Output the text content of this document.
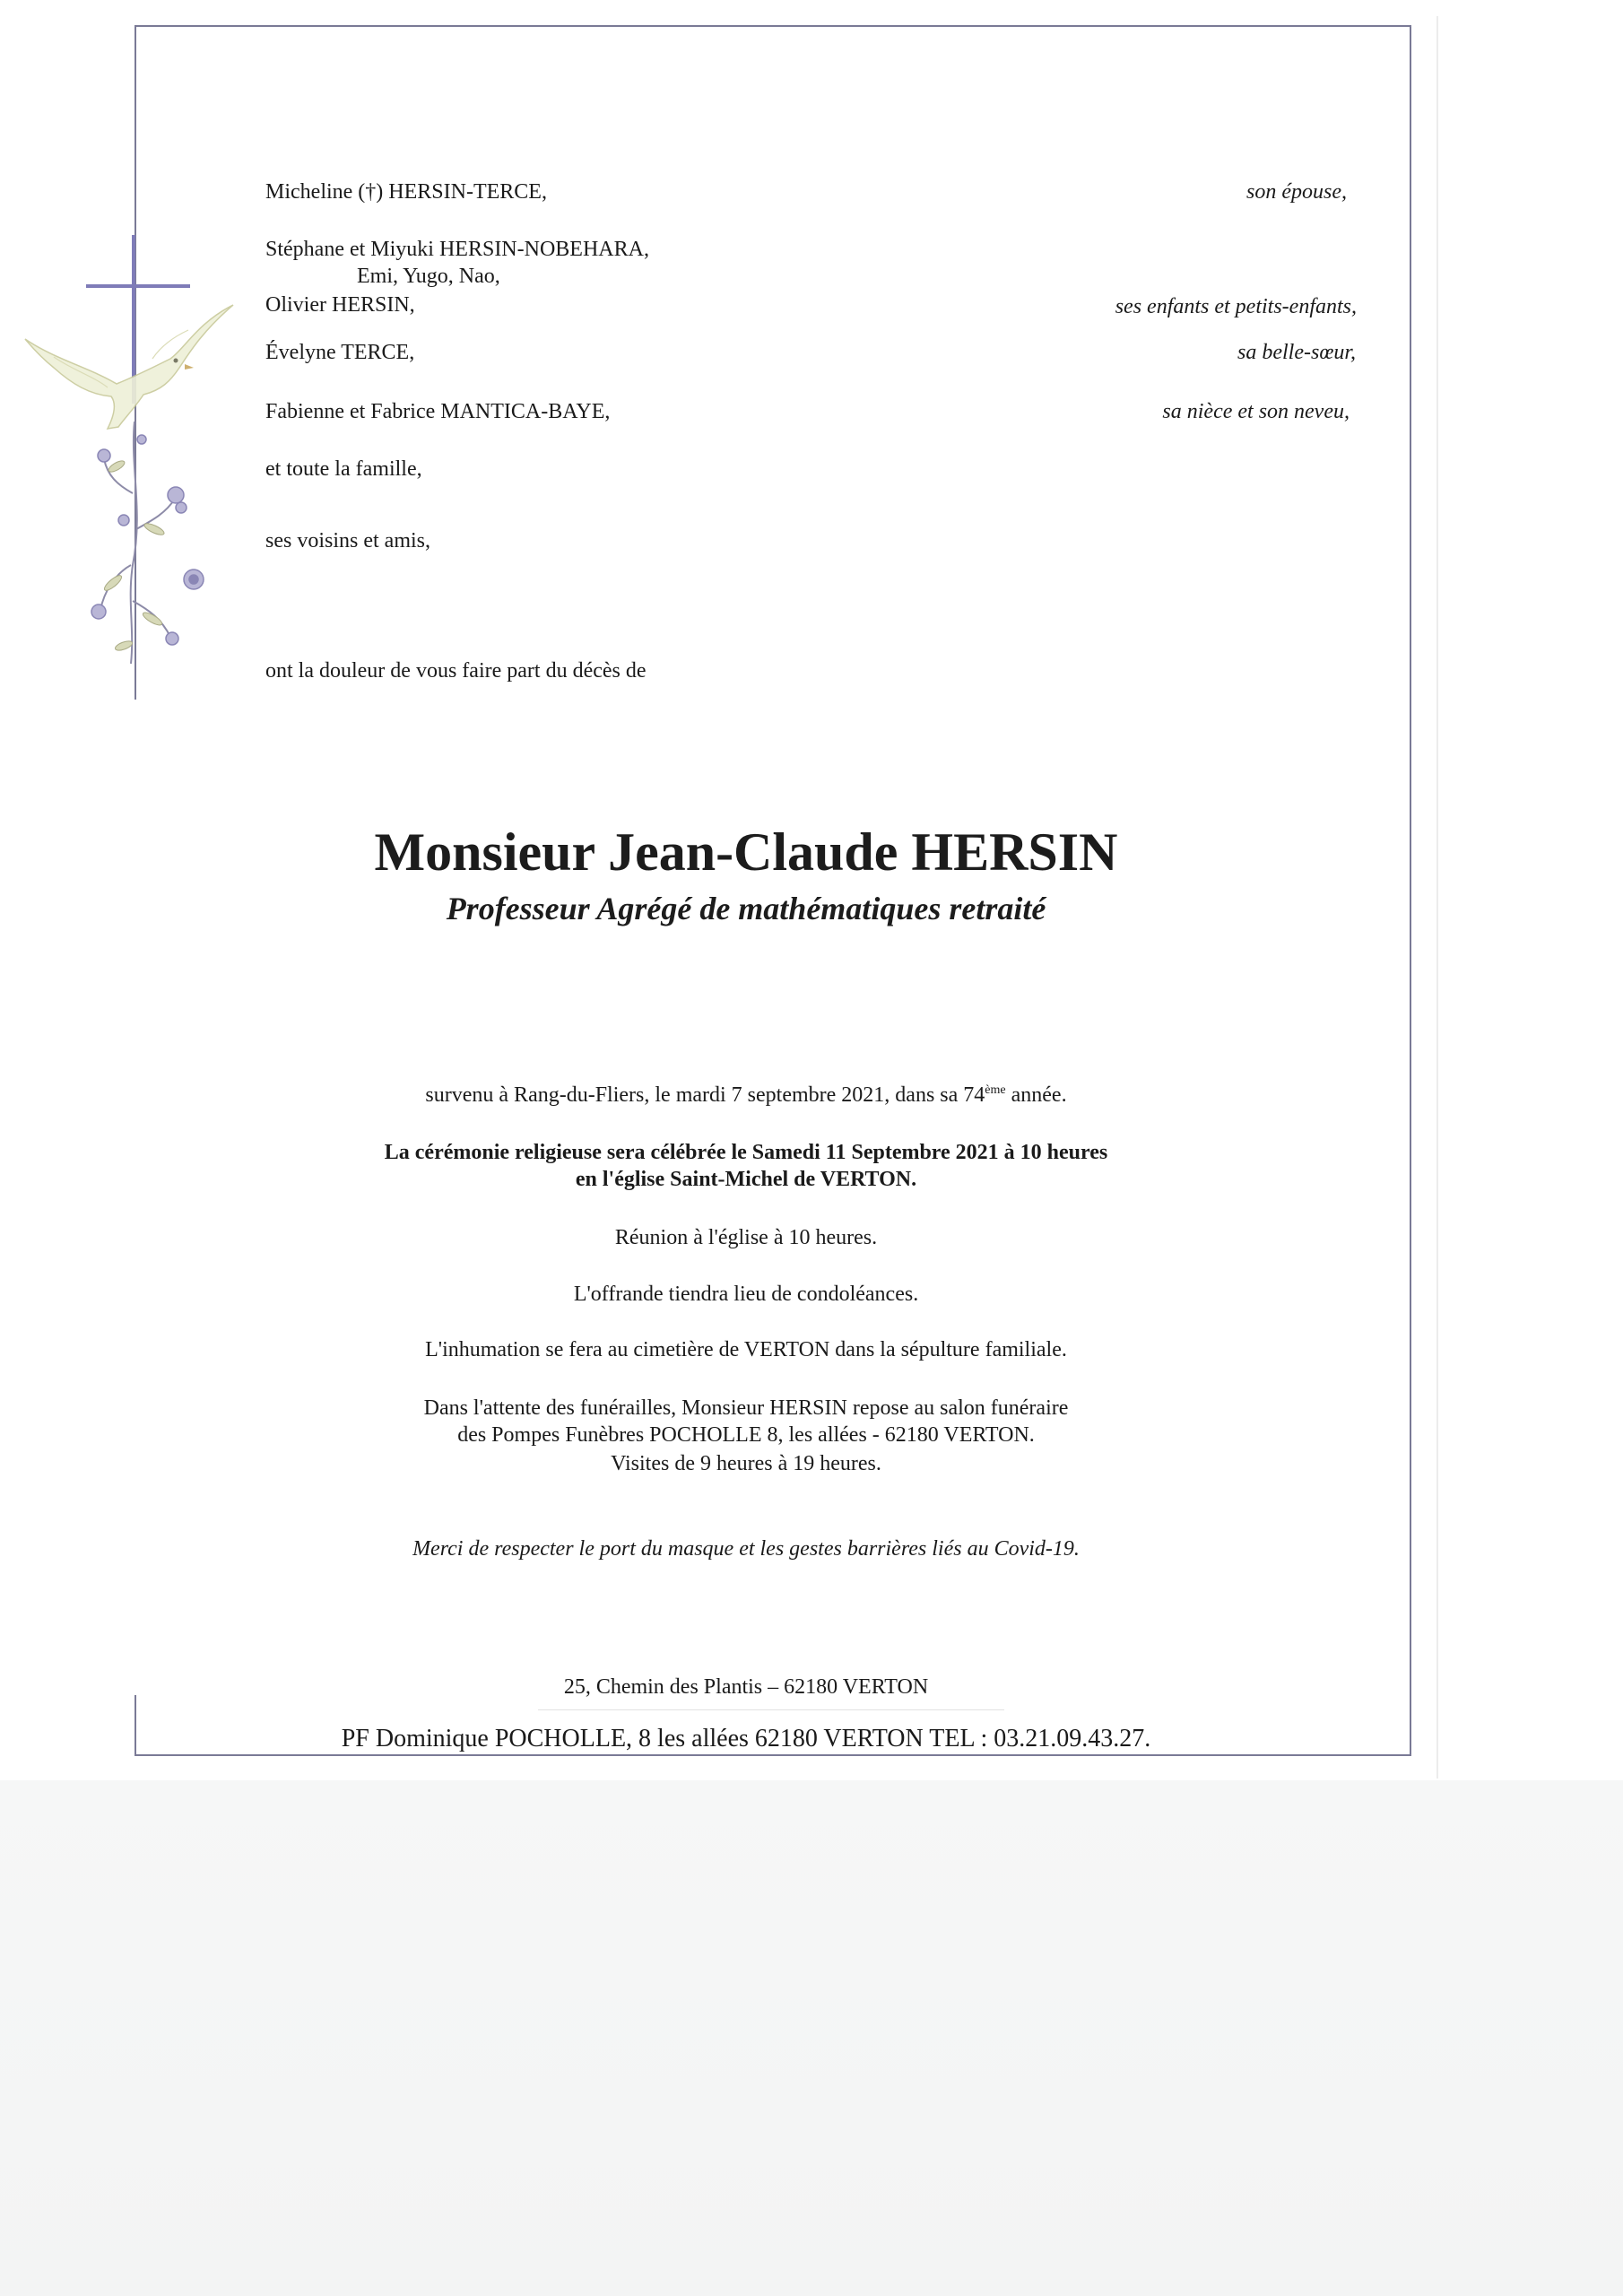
Micheline (†) HERSIN-TERCE,	son épouse,
Stéphane et Miyuki HERSIN-NOBEHARA,
Emi, Yugo, Nao,
Olivier HERSIN,	ses enfants et petits-enfants,
Évelyne TERCE,	sa belle-sœur,
Fabienne et Fabrice MANTICA-BAYE,	sa nièce et son neveu,
et toute la famille,
ses voisins et amis,
ont la douleur de vous faire part du décès de
Monsieur Jean-Claude HERSIN
Professeur Agrégé de mathématiques retraité
survenu à Rang-du-Fliers, le mardi 7 septembre 2021, dans sa 74ème année.
La cérémonie religieuse sera célébrée le Samedi 11 Septembre 2021 à 10 heures
en l'église Saint-Michel de VERTON.
Réunion à l'église à 10 heures.
L'offrande tiendra lieu de condoléances.
L'inhumation se fera au cimetière de VERTON dans la sépulture familiale.
Dans l'attente des funérailles, Monsieur HERSIN repose au salon funéraire
des Pompes Funèbres POCHOLLE 8, les allées - 62180 VERTON.
Visites de 9 heures à 19 heures.
Merci de respecter le port du masque et les gestes barrières liés au Covid-19.
25, Chemin des Plantis – 62180 VERTON
PF Dominique POCHOLLE, 8 les allées 62180 VERTON TEL : 03.21.09.43.27.
